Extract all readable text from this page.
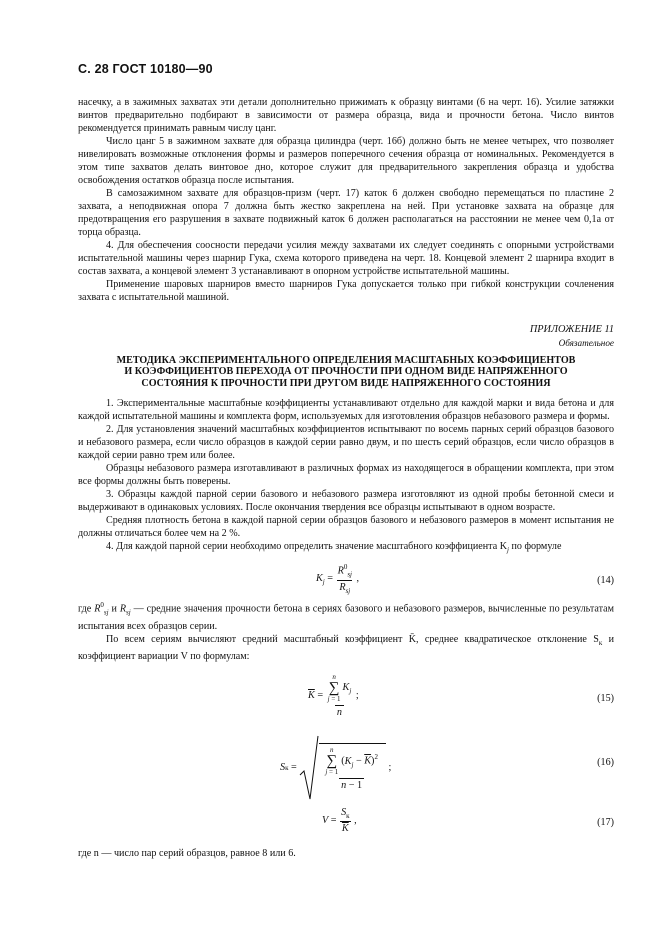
С. 28 ГОСТ 10180—90

насечку, а в зажимных захватах эти детали дополнительно прижимать к образцу винтами (6 на черт. 16). Усилие затяжки винтов предварительно подбирают в зависимости от размера образца, вида и прочности бетона. Число винтов рекомендуется принимать равным числу цанг.

Число цанг 5 в зажимном захвате для образца цилиндра (черт. 16б) должно быть не менее четырех, что позволяет нивелировать возможные отклонения формы и размеров поперечного сечения образца от номинальных. Рекомендуется в этом типе захватов делать винтовое дно, которое служит для предварительного закрепления образца и удобства освобождения остатков образца после испытания.

В самозажимном захвате для образцов-призм (черт. 17) каток 6 должен свободно перемещаться по пластине 2 захвата, а неподвижная опора 7 должна быть жестко закреплена на ней. При установке захвата на образце для предотвращения его разрушения в захвате подвижный каток 6 должен располагаться на расстоянии не менее чем 0,1a от торца образца.

4. Для обеспечения соосности передачи усилия между захватами их следует соединять с опорными устройствами испытательной машины через шарнир Гука, схема которого приведена на черт. 18. Концевой элемент 2 шарнира входит в состав захвата, а концевой элемент 3 устанавливают в опорном устройстве испытательной машины.

Применение шаровых шарниров вместо шарниров Гука допускается только при гибкой конструкции сочленения захвата с испытательной машиной.

ПРИЛОЖЕНИЕ 11
Обязательное
МЕТОДИКА ЭКСПЕРИМЕНТАЛЬНОГО ОПРЕДЕЛЕНИЯ МАСШТАБНЫХ КОЭФФИЦИЕНТОВ
И КОЭФФИЦИЕНТОВ ПЕРЕХОДА ОТ ПРОЧНОСТИ ПРИ ОДНОМ ВИДЕ НАПРЯЖЕННОГО
СОСТОЯНИЯ К ПРОЧНОСТИ ПРИ ДРУГОМ ВИДЕ НАПРЯЖЕННОГО СОСТОЯНИЯ

1. Экспериментальные масштабные коэффициенты устанавливают отдельно для каждой марки и вида бетона и для каждой испытательной машины и комплекта форм, используемых для изготовления образцов небазового размера и формы.

2. Для установления значений масштабных коэффициентов испытывают по восемь парных серий образцов базового и небазового размера, если число образцов в каждой серии равно двум, и по шесть серий образцов, если число образцов в каждой серии равно трем или более.

Образцы небазового размера изготавливают в различных формах из находящегося в обращении комплекта, при этом все формы должны быть поверены.

3. Образцы каждой парной серии базового и небазового размера изготовляют из одной пробы бетонной смеси и выдерживают в одинаковых условиях. После окончания твердения все образцы испытывают в одном возрасте.

Средняя плотность бетона в каждой парной серии образцов базового и небазового размеров в момент испытания не должны отличаться более чем на 2 %.

4. Для каждой парной серии необходимо определить значение масштабного коэффициента $K_j$ по формуле

$K_j = \frac{R^0_{sj}}{R_{sj}}$ ,	(14)

где $R^0_{sj}$ и $R_{sj}$ — средние значения прочности бетона в сериях базового и небазового размеров, вычисленные по результатам испытания всех образцов серии.

По всем сериям вычисляют средний масштабный коэффициент K̄, среднее квадратическое отклонение $S_к$ и коэффициент вариации V по формулам:

$\overline{K} = n$
∑
j = 1
$K_j$
n ;	(15)
S к =	n
∑
j = 1
$(K_j - \overline{K})^2$
n − 1 ;	(16)
$V = \frac{S_к}{K}$ ,	(17)

где n — число пар серий образцов, равное 8 или 6.
